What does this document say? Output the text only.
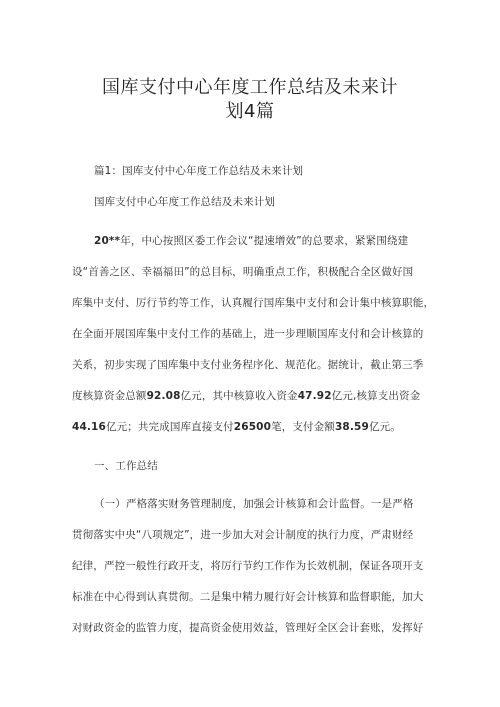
国库支付中心年度工作总结及未来计
划4篇
篇1：国库支付中心年度工作总结及未来计划
国库支付中心年度工作总结及未来计划
20**年，中心按照区委工作会议“提速增效”的总要求，紧紧围绕建
设“首善之区、幸福福田”的总目标，明确重点工作，积极配合全区做好国
库集中支付、厉行节约等工作，认真履行国库集中支付和会计集中核算职能，
在全面开展国库集中支付工作的基础上，进一步理顺国库支付和会计核算的
关系，初步实现了国库集中支付业务程序化、规范化。据统计，截止第三季
度核算资金总额92.08亿元，其中核算收入资金47.92亿元,核算支出资金
44.16亿元；共完成国库直接支付26500笔，支付金额38.59亿元。
一、工作总结
（一）严格落实财务管理制度，加强会计核算和会计监督。一是严格
贯彻落实中央“八项规定”，进一步加大对会计制度的执行力度，严肃财经
纪律，严控一般性行政开支，将厉行节约工作作为长效机制，保证各项开支
标准在中心得到认真贯彻。二是集中精力履行好会计核算和监督职能，加大
对财政资金的监管力度，提高资金使用效益，管理好全区会计套账，发挥好
